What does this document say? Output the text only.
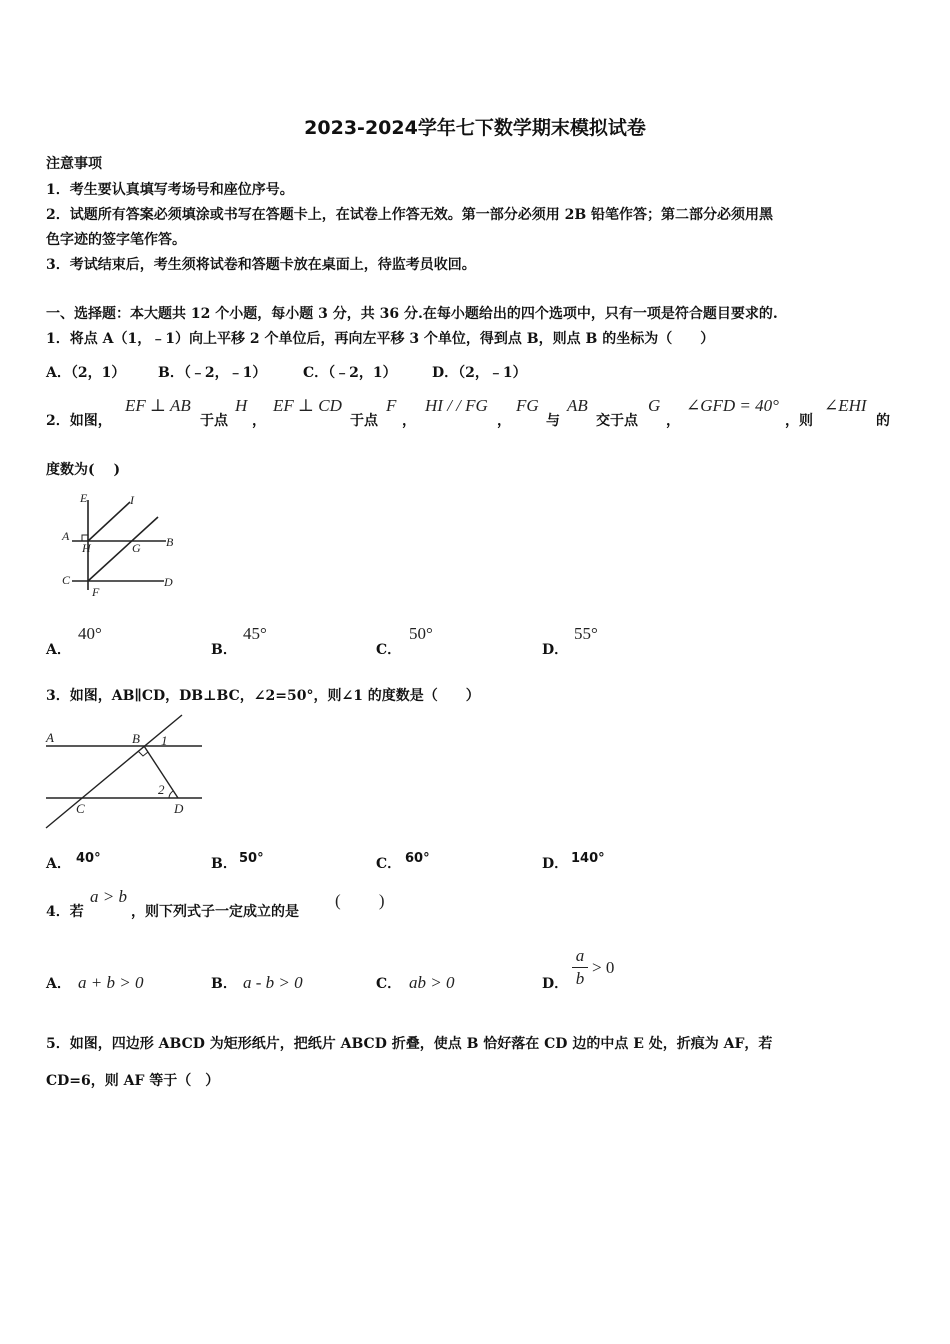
2023-2024学年七下数学期末模拟试卷
注意事项
1．考生要认真填写考场号和座位序号。
2．试题所有答案必须填涂或书写在答题卡上，在试卷上作答无效。第一部分必须用 2B 铅笔作答；第二部分必须用黑
色字迹的签字笔作答。
3．考试结束后，考生须将试卷和答题卡放在桌面上，待监考员收回。
一、选择题：本大题共 12 个小题，每小题 3 分，共 36 分.在每小题给出的四个选项中，只有一项是符合题目要求的.
1．将点 A（1，﹣1）向上平移 2 个单位后，再向左平移 3 个单位，得到点 B，则点 B 的坐标为（　　）
A．（2，1） B．（﹣2，﹣1）	C．（﹣2，1）	D．（2，﹣1）
2．如图，
EF ⊥ AB
于点
H
，
EF ⊥ CD
于点
F
，
HI / / FG
，
FG
与
AB
交于点
G
，
∠GFD = 40°
，则
∠EHI
的
度数为(　 )
E	I
A
H	G B
C
F
D
A．
40°
B．
45°
C．
50°
D．
55°
3．如图，AB∥CD，DB⊥BC，∠2=50°，则∠1 的度数是（　　）
A	B 1
2
C	D
A． 40°	B． 50°	C． 60°	D． 140°
4．若
a > b
，则下列式子一定成立的是
(　　 )
A． a + b > 0	B． a - b > 0	C． ab > 0	D．
a
b
> 0
5．如图，四边形 ABCD 为矩形纸片，把纸片 ABCD 折叠，使点 B 恰好落在 CD 边的中点 E 处，折痕为 AF，若
CD=6，则 AF 等于（　）
